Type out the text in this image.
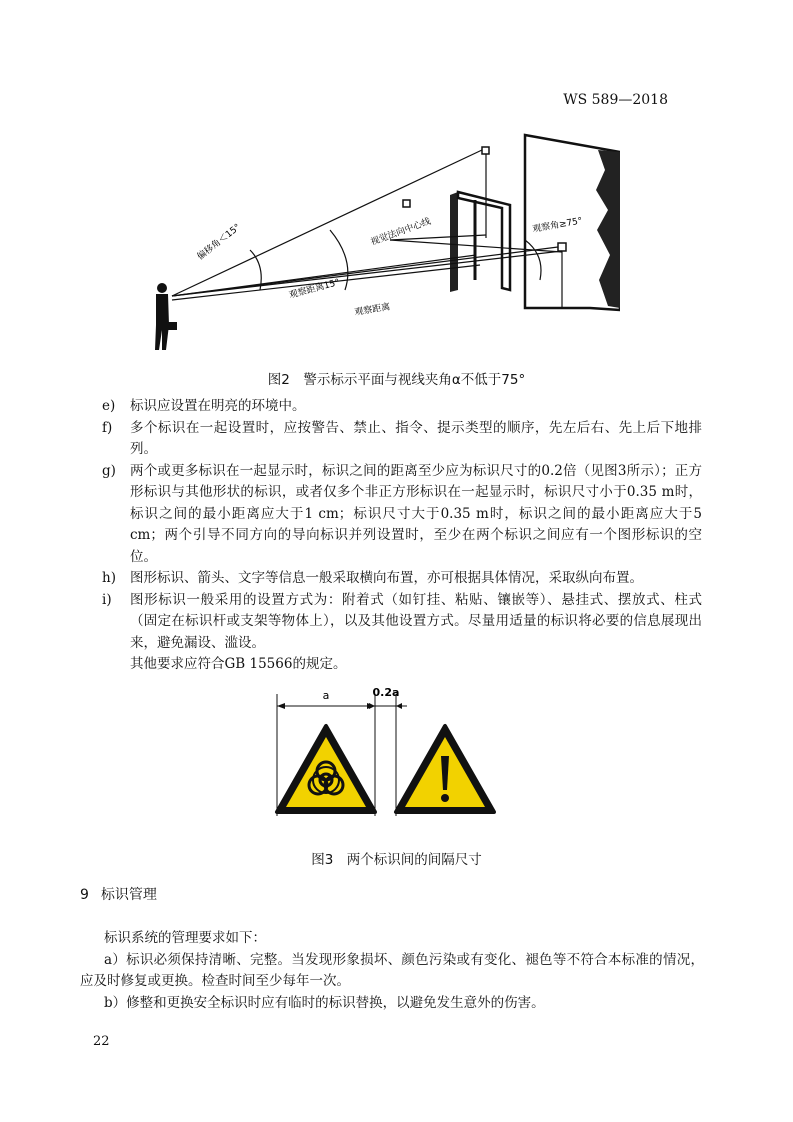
WS 589—2018
偏移角＜15°
观察距离15°
观察距离
视觉法向中心线	观察角≥75°
图2　警示标示平面与视线夹角α不低于75°
e)	标识应设置在明亮的环境中。
f)	多个标识在一起设置时，应按警告、禁止、指令、提示类型的顺序，先左后右、先上后下地排列。
g)	两个或更多标识在一起显示时，标识之间的距离至少应为标识尺寸的0.2倍（见图3所示）；正方形标识与其他形状的标识，或者仅多个非正方形标识在一起显示时，标识尺寸小于0.35 m时，标识之间的最小距离应大于1 cm；标识尺寸大于0.35 m时，标识之间的最小距离应大于5 cm；两个引导不同方向的导向标识并列设置时，至少在两个标识之间应有一个图形标识的空位。
h)	图形标识、箭头、文字等信息一般采取横向布置，亦可根据具体情况，采取纵向布置。
i)	图形标识一般采用的设置方式为：附着式（如钉挂、粘贴、镶嵌等）、悬挂式、摆放式、柱式（固定在标识杆或支架等物体上），以及其他设置方式。尽量用适量的标识将必要的信息展现出来，避免漏设、滥设。
其他要求应符合GB 15566的规定。
a	0.2a
图3　两个标识间的间隔尺寸
9 标识管理
标识系统的管理要求如下：
a）标识必须保持清晰、完整。当发现形象损坏、颜色污染或有变化、褪色等不符合本标准的情况，应及时修复或更换。检查时间至少每年一次。
b）修整和更换安全标识时应有临时的标识替换，以避免发生意外的伤害。
22
